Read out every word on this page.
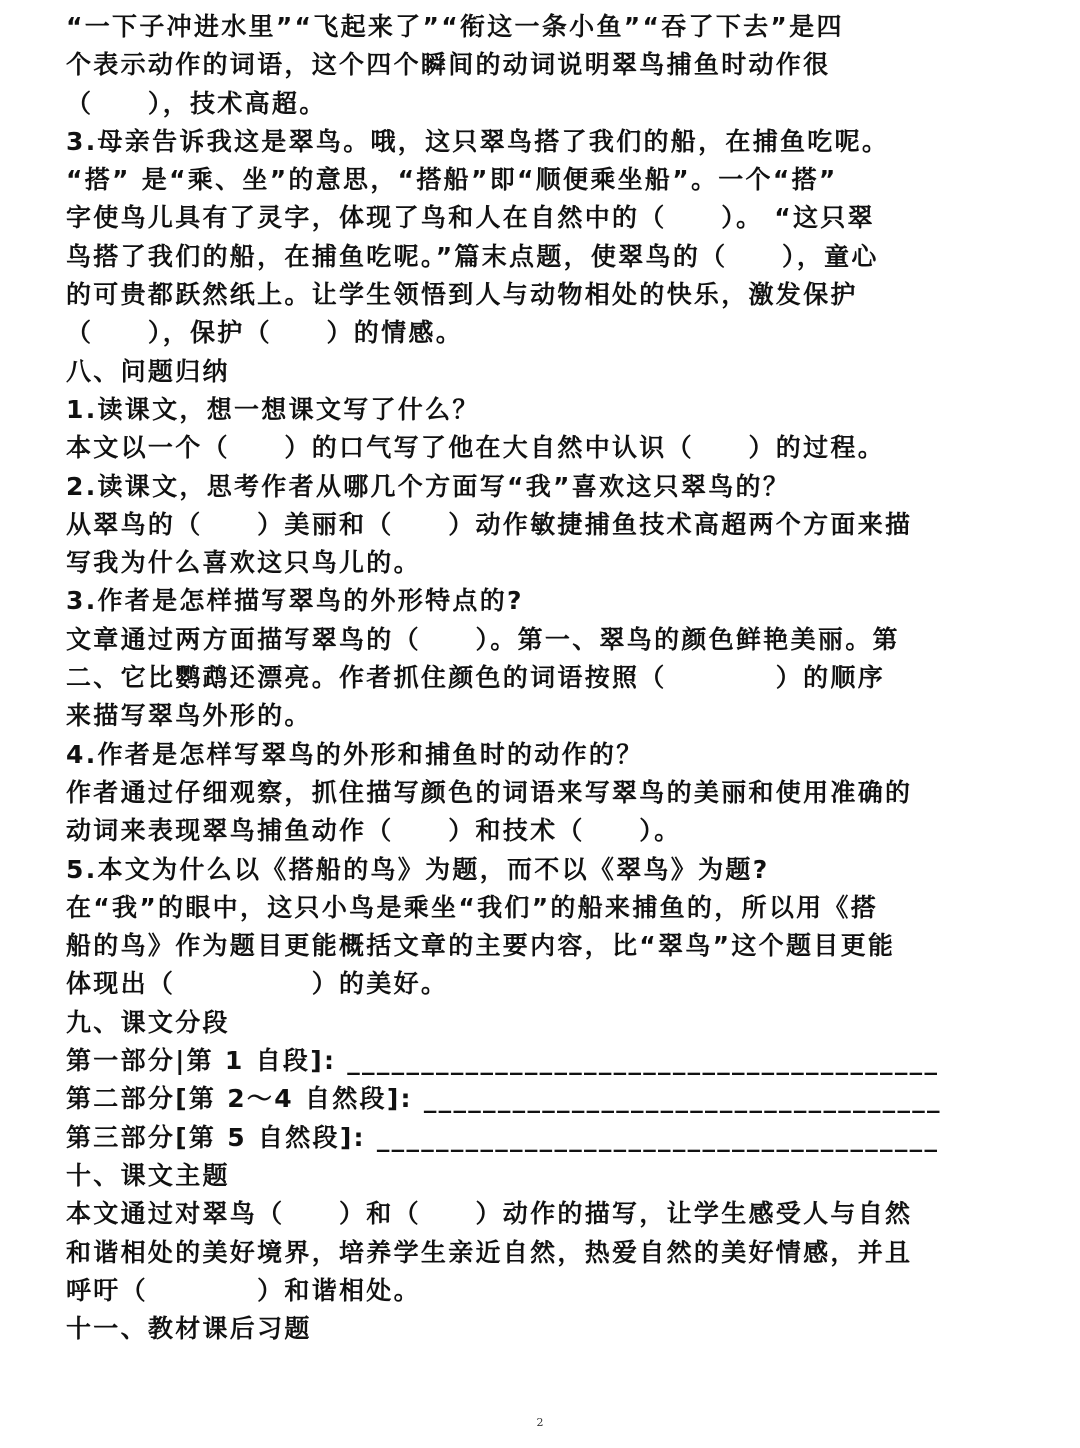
“一下子冲进水里”“飞起来了”“衔这一条小鱼”“吞了下去”是四
个表示动作的词语，这个四个瞬间的动词说明翠鸟捕鱼时动作很
（　　），技术高超。
3.母亲告诉我这是翠鸟。哦，这只翠鸟搭了我们的船，在捕鱼吃呢。
“搭” 是“乘、坐”的意思，“搭船”即“顺便乘坐船”。一个“搭”
字使鸟儿具有了灵字，体现了鸟和人在自然中的（　　）。 “这只翠
鸟搭了我们的船，在捕鱼吃呢。”篇末点题，使翠鸟的（　　），童心
的可贵都跃然纸上。让学生领悟到人与动物相处的快乐，激发保护
（　　），保护（　　）的情感。
八、问题归纳
1.读课文，想一想课文写了什么？
本文以一个（　　）的口气写了他在大自然中认识（　　）的过程。
2.读课文，思考作者从哪几个方面写“我”喜欢这只翠鸟的？
从翠鸟的（　　）美丽和（　　）动作敏捷捕鱼技术高超两个方面来描
写我为什么喜欢这只鸟儿的。
3.作者是怎样描写翠鸟的外形特点的?
文章通过两方面描写翠鸟的（　　）。第一、翠鸟的颜色鲜艳美丽。第
二、它比鹦鹉还漂亮。作者抓住颜色的词语按照（　　　　）的顺序
来描写翠鸟外形的。
4.作者是怎样写翠鸟的外形和捕鱼时的动作的？
作者通过仔细观察，抓住描写颜色的词语来写翠鸟的美丽和使用准确的
动词来表现翠鸟捕鱼动作（　　）和技术（　　）。
5.本文为什么以《搭船的鸟》为题，而不以《翠鸟》为题?
在“我”的眼中，这只小鸟是乘坐“我们”的船来捕鱼的，所以用《搭
船的鸟》作为题目更能概括文章的主要内容，比“翠鸟”这个题目更能
体现出（　　　　　）的美好。
九、课文分段
第一部分|第 1 自段]: ________________________________________
第二部分[第 2～4 自然段]: ___________________________________
第三部分[第 5 自然段]: ______________________________________
十、课文主题
本文通过对翠鸟（　　）和（　　）动作的描写，让学生感受人与自然
和谐相处的美好境界，培养学生亲近自然，热爱自然的美好情感，并且
呼吁（　　　　）和谐相处。
十一、教材课后习题
2
